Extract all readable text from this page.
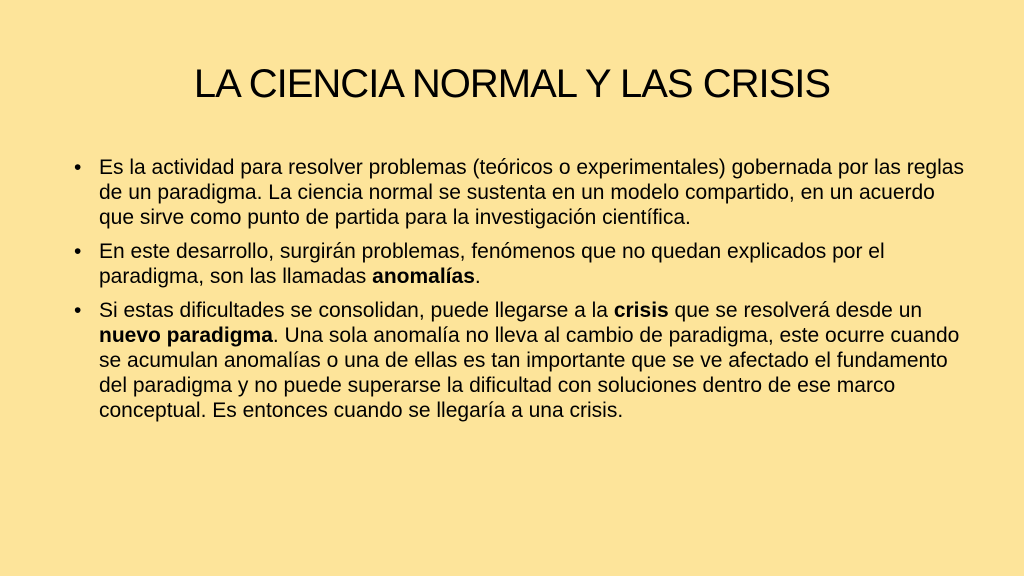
LA CIENCIA NORMAL Y LAS CRISIS
• Es la actividad para resolver problemas (teóricos o experimentales) gobernada por las reglas de un paradigma. La ciencia normal se sustenta en un modelo compartido, en un acuerdo que sirve como punto de partida para la investigación científica.
• En este desarrollo, surgirán problemas, fenómenos que no quedan explicados por el paradigma, son las llamadas anomalías.
• Si estas dificultades se consolidan, puede llegarse a la crisis que se resolverá desde un nuevo paradigma. Una sola anomalía no lleva al cambio de paradigma, este ocurre cuando se acumulan anomalías o una de ellas es tan importante que se ve afectado el fundamento del paradigma y no puede superarse la dificultad con soluciones dentro de ese marco conceptual. Es entonces cuando se llegaría a una crisis.
